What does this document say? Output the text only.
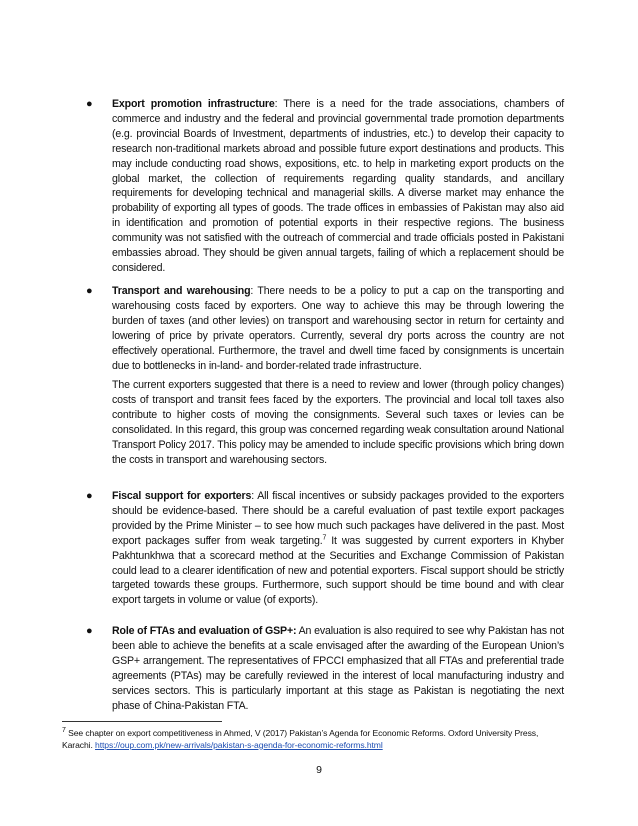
● Export promotion infrastructure: There is a need for the trade associations, chambers of commerce and industry and the federal and provincial governmental trade promotion departments (e.g. provincial Boards of Investment, departments of industries, etc.) to develop their capacity to research non-traditional markets abroad and possible future export destinations and products. This may include conducting road shows, expositions, etc. to help in marketing export products on the global market, the collection of requirements regarding quality standards, and ancillary requirements for developing technical and managerial skills. A diverse market may enhance the probability of exporting all types of goods. The trade offices in embassies of Pakistan may also aid in identification and promotion of potential exports in their respective regions. The business community was not satisfied with the outreach of commercial and trade officials posted in Pakistani embassies abroad. They should be given annual targets, failing of which a replacement should be considered.

● Transport and warehousing: There needs to be a policy to put a cap on the transporting and warehousing costs faced by exporters. One way to achieve this may be through lowering the burden of taxes (and other levies) on transport and warehousing sector in return for certainty and lowering of price by private operators. Currently, several dry ports across the country are not effectively operational. Furthermore, the travel and dwell time faced by consignments is uncertain due to bottlenecks in in-land- and border-related trade infrastructure.

The current exporters suggested that there is a need to review and lower (through policy changes) costs of transport and transit fees faced by the exporters. The provincial and local toll taxes also contribute to higher costs of moving the consignments. Several such taxes or levies can be consolidated. In this regard, this group was concerned regarding weak consultation around National Transport Policy 2017. This policy may be amended to include specific provisions which bring down the costs in transport and warehousing sectors.

● Fiscal support for exporters: All fiscal incentives or subsidy packages provided to the exporters should be evidence-based. There should be a careful evaluation of past textile export packages provided by the Prime Minister – to see how much such packages have delivered in the past. Most export packages suffer from weak targeting.$^7$ It was suggested by current exporters in Khyber Pakhtunkhwa that a scorecard method at the Securities and Exchange Commission of Pakistan could lead to a clearer identification of new and potential exporters. Fiscal support should be strictly targeted towards these groups. Furthermore, such support should be time bound and with clear export targets in volume or value (of exports).

● Role of FTAs and evaluation of GSP+: An evaluation is also required to see why Pakistan has not been able to achieve the benefits at a scale envisaged after the awarding of the European Union’s GSP+ arrangement. The representatives of FPCCI emphasized that all FTAs and preferential trade agreements (PTAs) may be carefully reviewed in the interest of local manufacturing industry and services sectors. This is particularly important at this stage as Pakistan is negotiating the next phase of China-Pakistan FTA.

$^7$ See chapter on export competitiveness in Ahmed, V (2017) Pakistan’s Agenda for Economic Reforms. Oxford University Press, Karachi. https://oup.com.pk/new-arrivals/pakistan-s-agenda-for-economic-reforms.html
9
